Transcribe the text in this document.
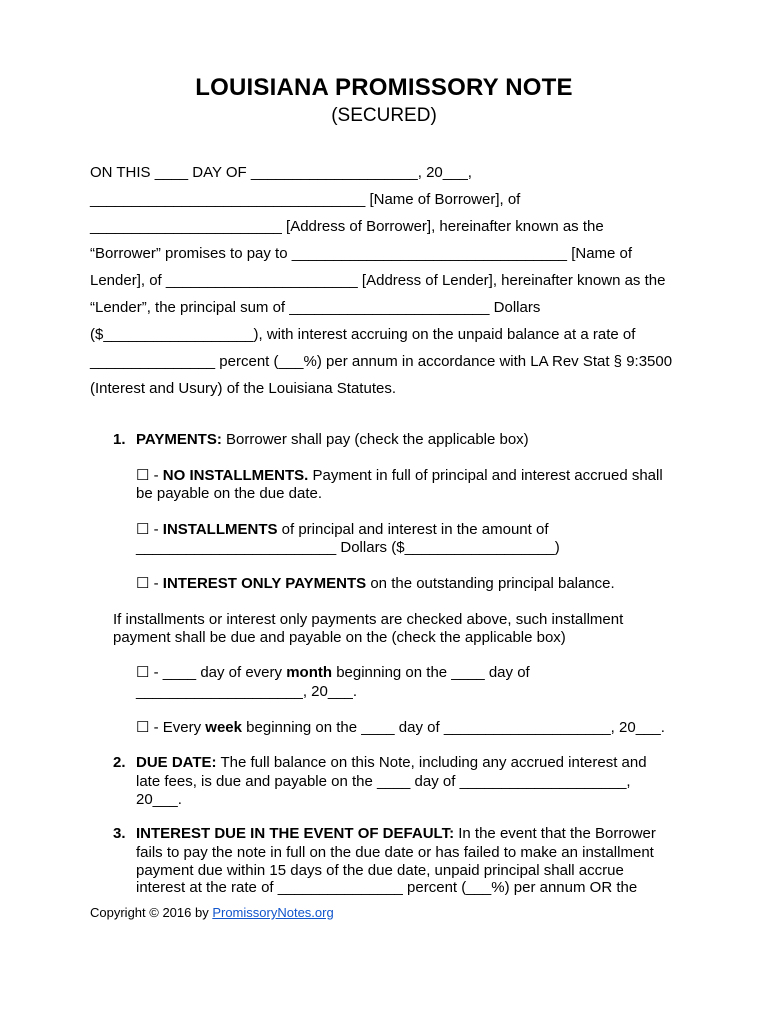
LOUISIANA PROMISSORY NOTE
(SECURED)
ON THIS ____ DAY OF ____________________, 20___,
_________________________________ [Name of Borrower], of
_______________________ [Address of Borrower], hereinafter known as the
“Borrower” promises to pay to _________________________________ [Name of
Lender], of _______________________ [Address of Lender], hereinafter known as the
“Lender”, the principal sum of ________________________ Dollars
($__________________), with interest accruing on the unpaid balance at a rate of
_______________ percent (___%) per annum in accordance with LA Rev Stat § 9:3500
(Interest and Usury) of the Louisiana Statutes.
1. PAYMENTS: Borrower shall pay (check the applicable box)
☐ - NO INSTALLMENTS. Payment in full of principal and interest accrued shall
be payable on the due date.
☐ - INSTALLMENTS of principal and interest in the amount of
________________________ Dollars ($__________________)
☐ - INTEREST ONLY PAYMENTS on the outstanding principal balance.
If installments or interest only payments are checked above, such installment
payment shall be due and payable on the (check the applicable box)
☐ - ____ day of every month beginning on the ____ day of
____________________, 20___.
☐ - Every week beginning on the ____ day of ____________________, 20___.
2. DUE DATE: The full balance on this Note, including any accrued interest and
late fees, is due and payable on the ____ day of ____________________,
20___.
3. INTEREST DUE IN THE EVENT OF DEFAULT: In the event that the Borrower
fails to pay the note in full on the due date or has failed to make an installment
payment due within 15 days of the due date, unpaid principal shall accrue
interest at the rate of _______________ percent (___%) per annum OR the
Copyright © 2016 by PromissoryNotes.org
